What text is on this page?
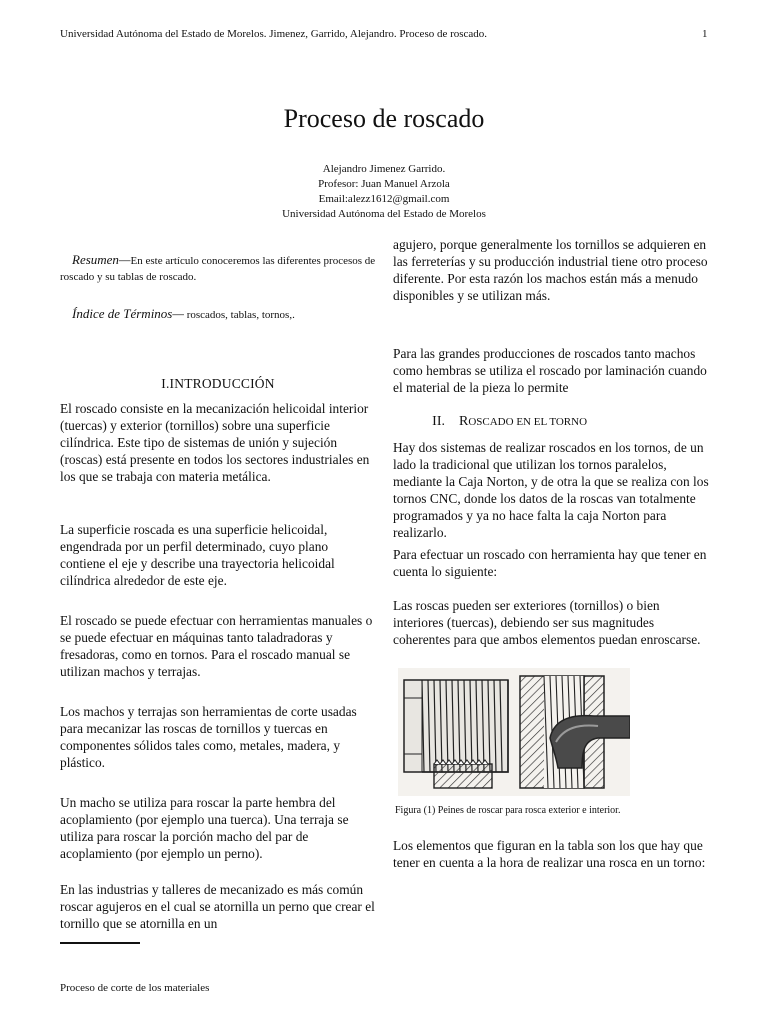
Universidad Autónoma del Estado de Morelos. Jimenez, Garrido, Alejandro. Proceso de roscado.	1
Proceso de roscado
Alejandro Jimenez Garrido.
Profesor: Juan Manuel Arzola
Email:alezz1612@gmail.com
Universidad Autónoma del Estado de Morelos
Resumen—En este artículo conoceremos las diferentes procesos de roscado y su tablas de roscado.
Índice de Términos— roscados, tablas, tornos,.
I.INTRODUCCIÓN
El roscado consiste en la mecanización helicoidal interior (tuercas) y exterior (tornillos) sobre una superficie cilíndrica. Este tipo de sistemas de unión y sujeción (roscas) está presente en todos los sectores industriales en los que se trabaja con materia metálica.
La superficie roscada es una superficie helicoidal, engendrada por un perfil determinado, cuyo plano contiene el eje y describe una trayectoria helicoidal cilíndrica alrededor de este eje.
El roscado se puede efectuar con herramientas manuales o se puede efectuar en máquinas tanto taladradoras y fresadoras, como en tornos. Para el roscado manual se utilizan machos y terrajas.
Los machos y terrajas son herramientas de corte usadas para mecanizar las roscas de tornillos y tuercas en componentes sólidos tales como, metales, madera, y plástico.
Un macho se utiliza para roscar la parte hembra del acoplamiento (por ejemplo una tuerca). Una terraja se utiliza para roscar la porción macho del par de acoplamiento (por ejemplo un perno).
En las industrias y talleres de mecanizado es más común roscar agujeros en el cual se atornilla un perno que crear el tornillo que se atornilla en un
agujero, porque generalmente los tornillos se adquieren en las ferreterías y su producción industrial tiene otro proceso diferente. Por esta razón los machos están más a menudo disponibles y se utilizan más.
Para las grandes producciones de roscados tanto machos como hembras se utiliza el roscado por laminación cuando el material de la pieza lo permite
II. ROSCADO EN EL TORNO
Hay dos sistemas de realizar roscados en los tornos, de un lado la tradicional que utilizan los tornos paralelos, mediante la Caja Norton, y de otra la que se realiza con los tornos CNC, donde los datos de la roscas van totalmente programados y ya no hace falta la caja Norton para realizarlo.
Para efectuar un roscado con herramienta hay que tener en cuenta lo siguiente:
Las roscas pueden ser exteriores (tornillos) o bien interiores (tuercas), debiendo ser sus magnitudes coherentes para que ambos elementos puedan enroscarse.
Figura (1) Peines de roscar para rosca exterior e interior.
Los elementos que figuran en la tabla son los que hay que tener en cuenta a la hora de realizar una rosca en un torno:
Proceso de corte de los materiales
